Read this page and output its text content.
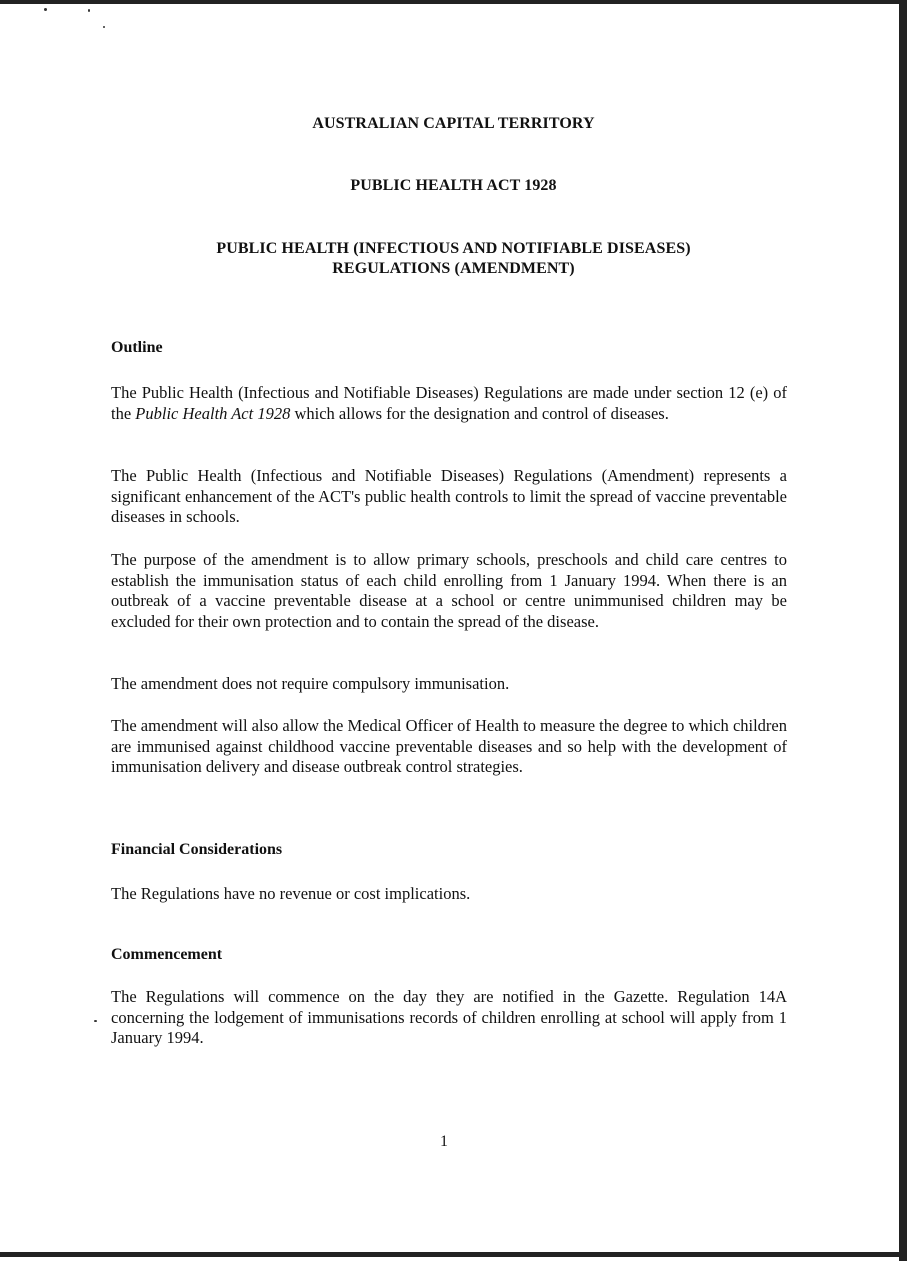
AUSTRALIAN CAPITAL TERRITORY
PUBLIC HEALTH ACT 1928
PUBLIC HEALTH (INFECTIOUS AND NOTIFIABLE DISEASES)
REGULATIONS (AMENDMENT)
Outline

The Public Health (Infectious and Notifiable Diseases) Regulations are made under section 12 (e) of the Public Health Act 1928 which allows for the designation and control of diseases.

The Public Health (Infectious and Notifiable Diseases) Regulations (Amendment) represents a significant enhancement of the ACT's public health controls to limit the spread of vaccine preventable diseases in schools.

The purpose of the amendment is to allow primary schools, preschools and child care centres to establish the immunisation status of each child enrolling from 1 January 1994. When there is an outbreak of a vaccine preventable disease at a school or centre unimmunised children may be excluded for their own protection and to contain the spread of the disease.

The amendment does not require compulsory immunisation.

The amendment will also allow the Medical Officer of Health to measure the degree to which children are immunised against childhood vaccine preventable diseases and so help with the development of immunisation delivery and disease outbreak control strategies.

Financial Considerations

The Regulations have no revenue or cost implications.

Commencement

The Regulations will commence on the day they are notified in the Gazette. Regulation 14A concerning the lodgement of immunisations records of children enrolling at school will apply from 1 January 1994.

1
